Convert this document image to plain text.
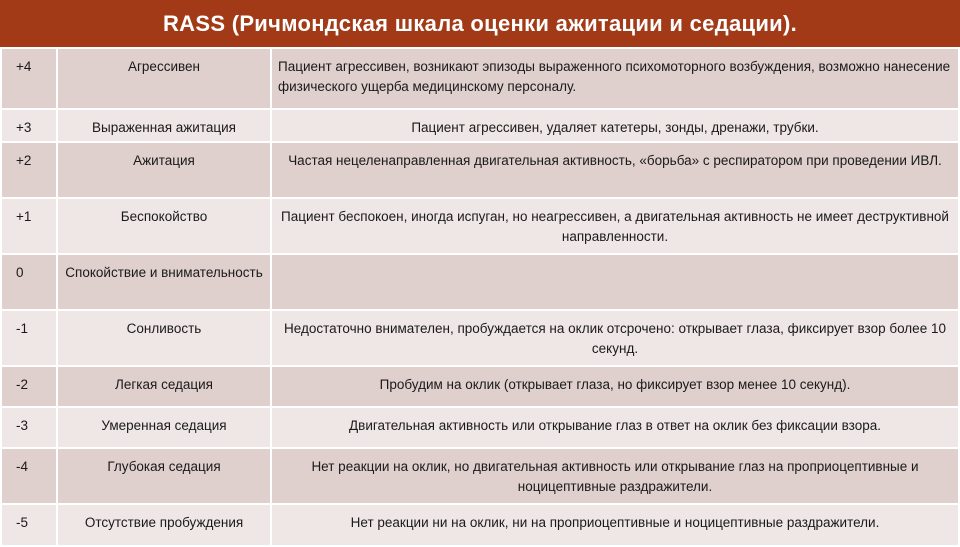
RASS (Ричмондская шкала оценки ажитации и седации).
+4	Агрессивен	Пациент агрессивен, возникают эпизоды выраженного психомоторного возбуждения, возможно нанесение физического ущерба медицинскому персоналу.
+3	Выраженная ажитация	Пациент агрессивен, удаляет катетеры, зонды, дренажи, трубки.
+2	Ажитация	Частая нецеленаправленная двигательная активность, «борьба» с респиратором при проведении ИВЛ.
+1	Беспокойство	Пациент беспокоен, иногда испуган, но неагрессивен, а двигательная активность не имеет деструктивной направленности.
0	Спокойствие и внимательность	
-1	Сонливость	Недостаточно внимателен, пробуждается на оклик отсрочено: открывает глаза, фиксирует взор более 10 секунд.
-2	Легкая седация	Пробудим на оклик (открывает глаза, но фиксирует взор менее 10 секунд).
-3	Умеренная седация	Двигательная активность или открывание глаз в ответ на оклик без фиксации взора.
-4	Глубокая седация	Нет реакции на оклик, но двигательная активность или открывание глаз на проприоцептивные и ноцицептивные раздражители.
-5	Отсутствие пробуждения	Нет реакции ни на оклик, ни на проприоцептивные и ноцицептивные раздражители.
